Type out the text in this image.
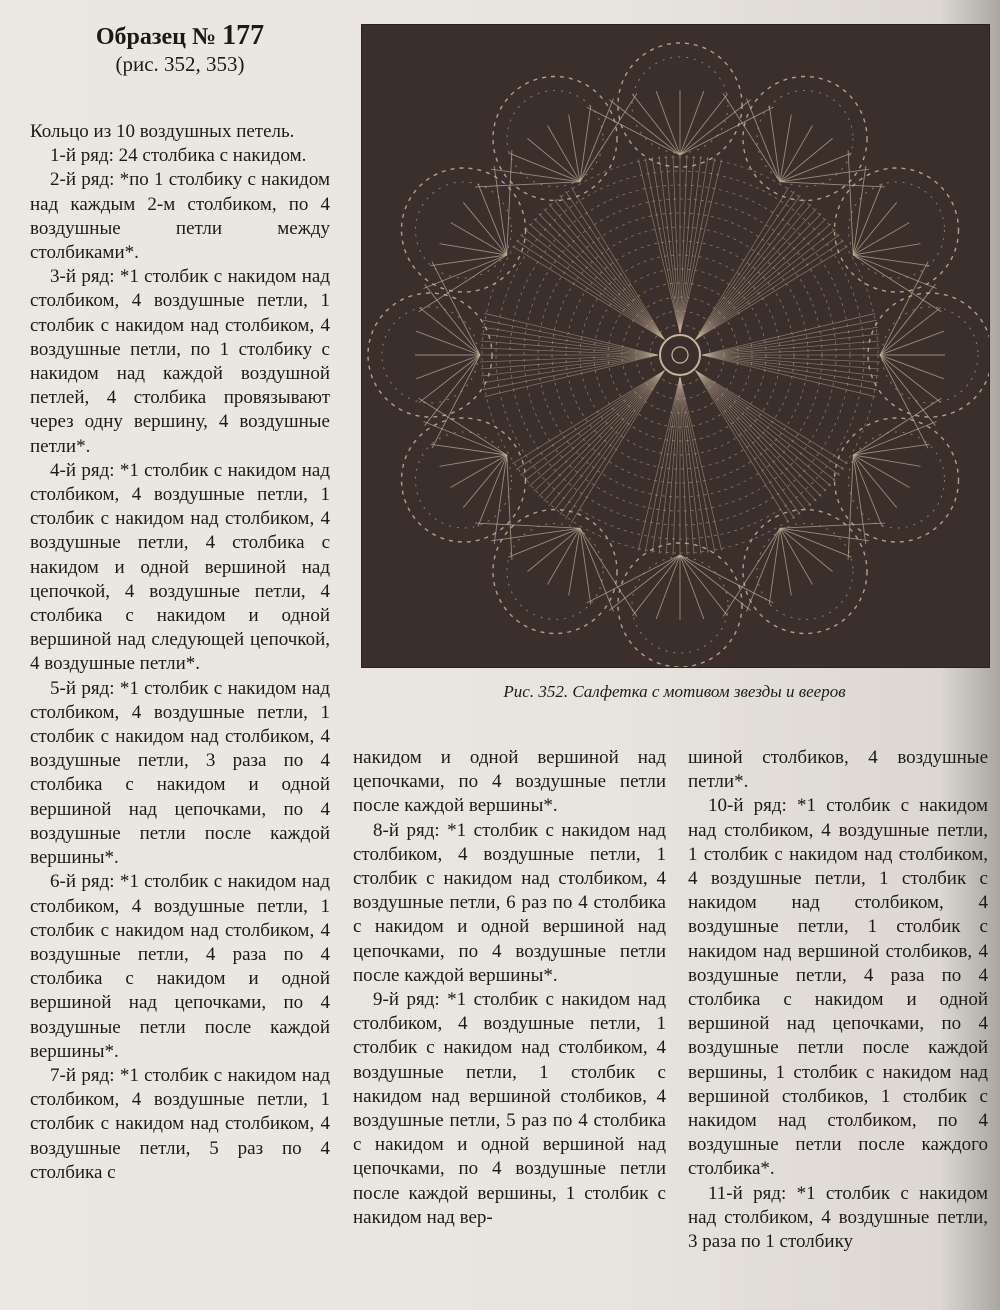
Образец № 177
(рис. 352, 353)

Кольцо из 10 воздушных петель.

1-й ряд: 24 столбика с накидом.

2-й ряд: *по 1 столбику с накидом над каждым 2-м столбиком, по 4 воздушные петли между столбиками*.

3-й ряд: *1 столбик с накидом над столбиком, 4 воздушные петли, 1 столбик с накидом над столбиком, 4 воздушные петли, по 1 столбику с накидом над каждой воздушной петлей, 4 столбика провязывают через одну вершину, 4 воздушные петли*.

4-й ряд: *1 столбик с накидом над столбиком, 4 воздушные петли, 1 столбик с накидом над столбиком, 4 воздушные петли, 4 столбика с накидом и одной вершиной над цепочкой, 4 воздушные петли, 4 столбика с накидом и одной вершиной над следующей цепочкой, 4 воздушные петли*.

5-й ряд: *1 столбик с накидом над столбиком, 4 воздушные петли, 1 столбик с накидом над столбиком, 4 воздушные петли, 3 раза по 4 столбика с накидом и одной вершиной над цепочками, по 4 воздушные петли после каждой вершины*.

6-й ряд: *1 столбик с накидом над столбиком, 4 воздушные петли, 1 столбик с накидом над столбиком, 4 воздушные петли, 4 раза по 4 столбика с накидом и одной вершиной над цепочками, по 4 воздушные петли после каждой вершины*.

7-й ряд: *1 столбик с накидом над столбиком, 4 воздушные петли, 1 столбик с накидом над столбиком, 4 воздушные петли, 5 раз по 4 столбика с

Рис. 352. Салфетка с мотивом звезды и вееров

накидом и одной вершиной над цепочками, по 4 воздушные петли после каждой вершины*.

8-й ряд: *1 столбик с накидом над столбиком, 4 воздушные петли, 1 столбик с накидом над столбиком, 4 воздушные петли, 6 раз по 4 столбика с накидом и одной вершиной над цепочками, по 4 воздушные петли после каждой вершины*.

9-й ряд: *1 столбик с накидом над столбиком, 4 воздушные петли, 1 столбик с накидом над столбиком, 4 воздушные петли, 1 столбик с накидом над вершиной столбиков, 4 воздушные петли, 5 раз по 4 столбика с накидом и одной вершиной над цепочками, по 4 воздушные петли после каждой вершины, 1 столбик с накидом над вер-

шиной столбиков, 4 воздушные петли*.

10-й ряд: *1 столбик с накидом над столбиком, 4 воздушные петли, 1 столбик с накидом над столбиком, 4 воздушные петли, 1 столбик с накидом над столбиком, 4 воздушные петли, 1 столбик с накидом над вершиной столбиков, 4 воздушные петли, 4 раза по 4 столбика с накидом и одной вершиной над цепочками, по 4 воздушные петли после каждой вершины, 1 столбик с накидом над вершиной столбиков, 1 столбик с накидом над столбиком, по 4 воздушные петли после каждого столбика*.

11-й ряд: *1 столбик с накидом над столбиком, 4 воздушные петли, 3 раза по 1 столбику
